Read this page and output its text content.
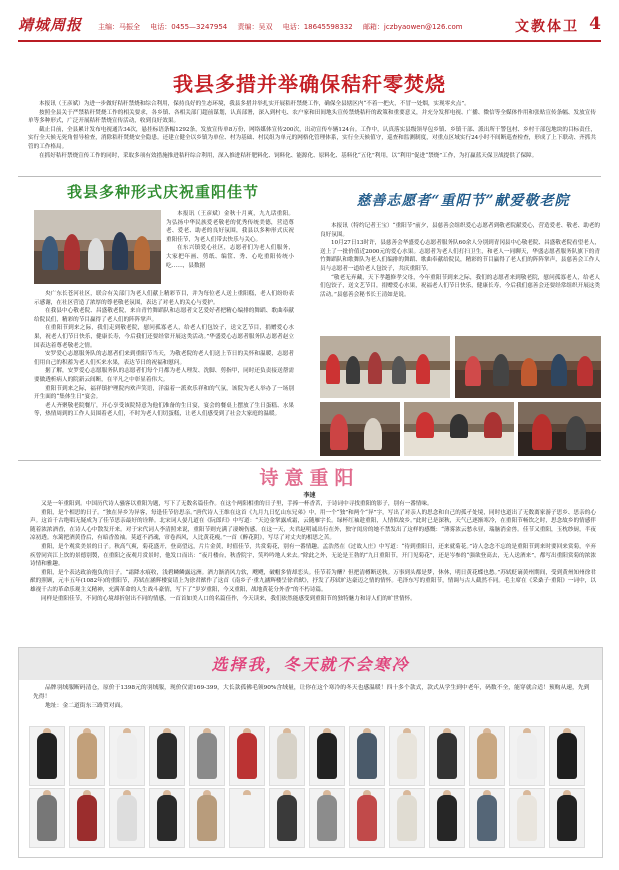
靖城周报 主编：马振全 电话：0455—3247954 责编：吴双 电话：18645598332 邮箱：jczbyaowen@126.com	文教体卫 4
我县多措并举确保秸秆零焚烧

本报讯（王彦斌）为进一步做好秸秆禁烧和综合利用，保持良好的生态环境，我县多措并举扎实开展秸秆禁烧工作，确保全县辖区内“不着一把火，不冒一处烟，实现零火点”。

按照全县关于严禁秸秆焚烧工作的相关要求，各乡镇、各相关部门超前谋划，认真部署，深入到村屯、农户家和田间地头宣传禁烧秸秆的政策和重要意义，并充分发挥电视、广播、微信等全媒体作用和张贴宣传条幅、发放宣传单等多种形式，广泛开展秸秆禁烧宣传活动，收到良好效果。

截止目前，全县累计发布电视通告34次，悬挂标语条幅1292条，发放宣传单8万份，网络媒体宣传200次，出动宣传车辆124台。工作中，认真落实县级领导包乡镇、乡镇干部、派出所干警包村、乡村干部包地块的目标责任，实行全天候无死角督导检查，消除秸秆焚烧安全隐患。还建立健全以乡镇为单位、村为基础、村民组为单元的网格化管理体系，实行全天候值守，巡查和监测制度，对重点区域实行24小时不间断巡查检查，形成了上下联动、齐抓共管的工作格局。

在抓好秸秆禁烧宣传工作的同时，采取多项有效措施推进秸秆综合利用，深入推进秸秆肥料化、饲料化、能源化、原料化、基料化“五化”利用，以“利用”促进“禁烧”工作，为打赢蓝天保卫战提供了保障。

我县多种形式庆祝重阳佳节

本报讯（王彦斌）金秋十月爽，九九话重阳。为弘扬中华民族爱老敬老的优秀传统美德，营造尊老、爱老、助老的良好氛围，我县以多种形式庆祝重阳佳节，为老人们带去快乐与关心。

在东兴镇爱心社区，志愿者们为老人们服务，大家把年画、剪纸、编筐、秀、心吃重阳传统小吃……，县数据

央广东长苍河社区，联合有关部门为老人们献上精彩节目，并为每位老人送上重阳糕，老人们纷纷表示感谢，在社区营造了浓厚的尊老敬老氛围，表达了对老人的关心与爱护。

在我县中心敬老院、昌盛敬老院，来自青竹舞蹈队和志愿者文艺爱好者把精心编排的舞蹈、歌曲奉献给院民们，精彩的节目赢得了老人们的阵阵掌声。

在重阳节到来之际，我们走到敬老院，慰问孤寡老人，给老人们包饺子，送文艺节目，捐赠爱心水果，祝老人们节日快乐，健康长寿，今后我们还要经常开展这类活动。”华盛爱心志愿者服务队志愿者赵立国表达着尊老敬老之情。

安罗爱心志愿服务队的志愿者们来到重阳节当天，为敬老院的老人们送上节日的关怀和温暖，志愿者们用自己的积蓄为老人们买来水果，表达节日的祝福和慰问。

据了解，安罗爱心志愿服务队的志愿者们每个月都为老人理发、洗脚、剪指甲，同时还负责接送帮需要做透析病人的院新云间断，在平凡之中彰显着伟大。

重阳节到来之际，福祥镇护理院内欢声笑语，洋溢着一派欢乐祥和的气氛，该院为老人举办了一场别开生面的“集体生日”宴会。

老人齐聚敬老院餐厅，开心享受该院特意为他们准备的生日宴，宴会的餐桌上摆放了生日蛋糕、水果等，热情周到的工作人员围着老人们，不时为老人们切蛋糕，让老人们感受到了社会大家庭的温暖。

慈善志愿者“重阳节”献爱敬老院

本报讯（特约记者王宝）“重阳节”前夕，县慈善会组织爱心志愿者到敬老院献爱心，营造爱老、敬老、助老的良好氛围。

10月27日13时许，县慈善会华盛爱心志愿者服务队60余人分别到青冈县中心敬老院、昌盛敬老院看望老人，送上了一批价值近2000元的爱心水果。志愿者为老人们打扫卫生，和老人一同聊天，华盛志愿者服务队旗下的青竹舞蹈队和歌舞队为老人们编排的舞蹈、歌曲奉献给院民，精彩的节目赢得了老人们的阵阵掌声，县慈善会工作人员与志愿者一道给老人包饺子，共庆重阳节。

“敬老无弃藏，天下孝越修孝父母，今年重阳节到来之际，我们的志愿者来到敬老院，慰问孤寡老人，给老人们包饺子，送文艺节目，捐赠爱心水果，祝福老人们节日快乐，健康长寿，今后我们慈善会还要经常组织开展这类活动。”县慈善会秘书长王清如是说。

诗意重阳
李速

又是一年重阳到。中国历代诗人骚客以重阳为题，写下了无数名篇佳作。在这个两阳相重的日子里，手捧一杯香茗，于诗词中寻找重阳的影子，别有一番情味。

重阳，是个相思的日子。“独在异乡为异客，每逢佳节倍思亲。”唐代诗人王维在这首《九月九日忆山东兄弟》中，用一个“独”和两个“异”字，写出了对亲人的思念和自己的孤孑处境，同时也道出了无数离家游子思乡、思亲的心声。这首千古绝唱无疑成为了佳节思亲最好的诠释。北宋词人晏几道在《阮郎归》中写道：“天边金掌露成霜，云随雁字长。绿杯红袖趁重阳，人情似故乡。”此时已是深秋，天气已逐渐寒冷，在重阳节畅饮之时，思念故乡的情感伴随着浓浓酒香，在诗人心中散发开来。对于宋代词人李清照来说，重阳节则充满了凄婉伤感。在这一天，夫君赵明诚出行在外，独守闺房的她不禁发出了这样的感慨：“薄雾浓云愁永昼，瑞脑消金兽。佳节又重阳，玉枕纱厨，半夜凉初透。东篱把酒黄昏后，有暗香盈袖。莫道不消魂，帘卷西风，人比黄花瘦。”一首《醉花阴》，写尽了对丈夫的相思之苦。

重阳，是个观赏美景的日子。秋高气爽，菊花盛开，登高望远，片片金黄，时值佳节，共赏菊花，别有一番情趣。孟浩然在《过故人庄》中写道：“待到重阳日，还来就菊花。”诗人念念不忘的是重阳节到来时要回来赏菊，辛弃疾曾同宾江上饮的景德别製，在重阳之夜观月赏景时，他发口而出：“夜月楼台，秋香院宇，笑吟吟地人来去。”除此之外，无论是王勃的“九日重阳节，开门见菊花”，还是岑参的“强欲登高去，无人送酒来”，都写出重阳赏菊的浓浓诗情和雅趣。

重阳，是个表达政治抱负的日子。“霜降水痕收，浅碧鳞鳞露远洲。酒力渐消风力软，飕飕，破帽多情却恋头。佳节若为酬？但把清樽断送秋。万事到头都是梦，休休，明日黄花蝶也愁。”苏轼贬谪黄州期间，受到黄州知州徐君猷的照顾，元丰五年(1082年)的重阳节，苏轼在涵辉楼宴请上为徐君猷作了这首《南乡子·重九涵辉楼呈徐君猷》，抒发了苏轼旷达豪迈之情的情怀。毛泽东写的重阳节，情调与古人截然不同。毛主席在《采桑子·重阳》一词中，以雄视千古的革命乐观主义精神，充满革命的人生战斗豪情，写下了“岁岁重阳，今又重阳，战地黄花分外香”的不朽诗篇。

同样是重阳佳节，不同的心境却折射出不同的情感，一首首如美人口的名篇佳作，今天读来，我们依然能感受到重阳节的独特魅力和诗人们的旷世情怀。

选择我，冬天就不会寒冷
品牌羽绒服断码清仓，原价于1398元的羽绒服，现价仅需169-399，大长款孤佛毛领90%含绒量，让你在这个寒冷的冬天也感温暖！四十多个款式，款式从学生到中老年，码数不全，能穿就合适！预购从速，先到先得！
地址：金二道街东三路贸对面。
